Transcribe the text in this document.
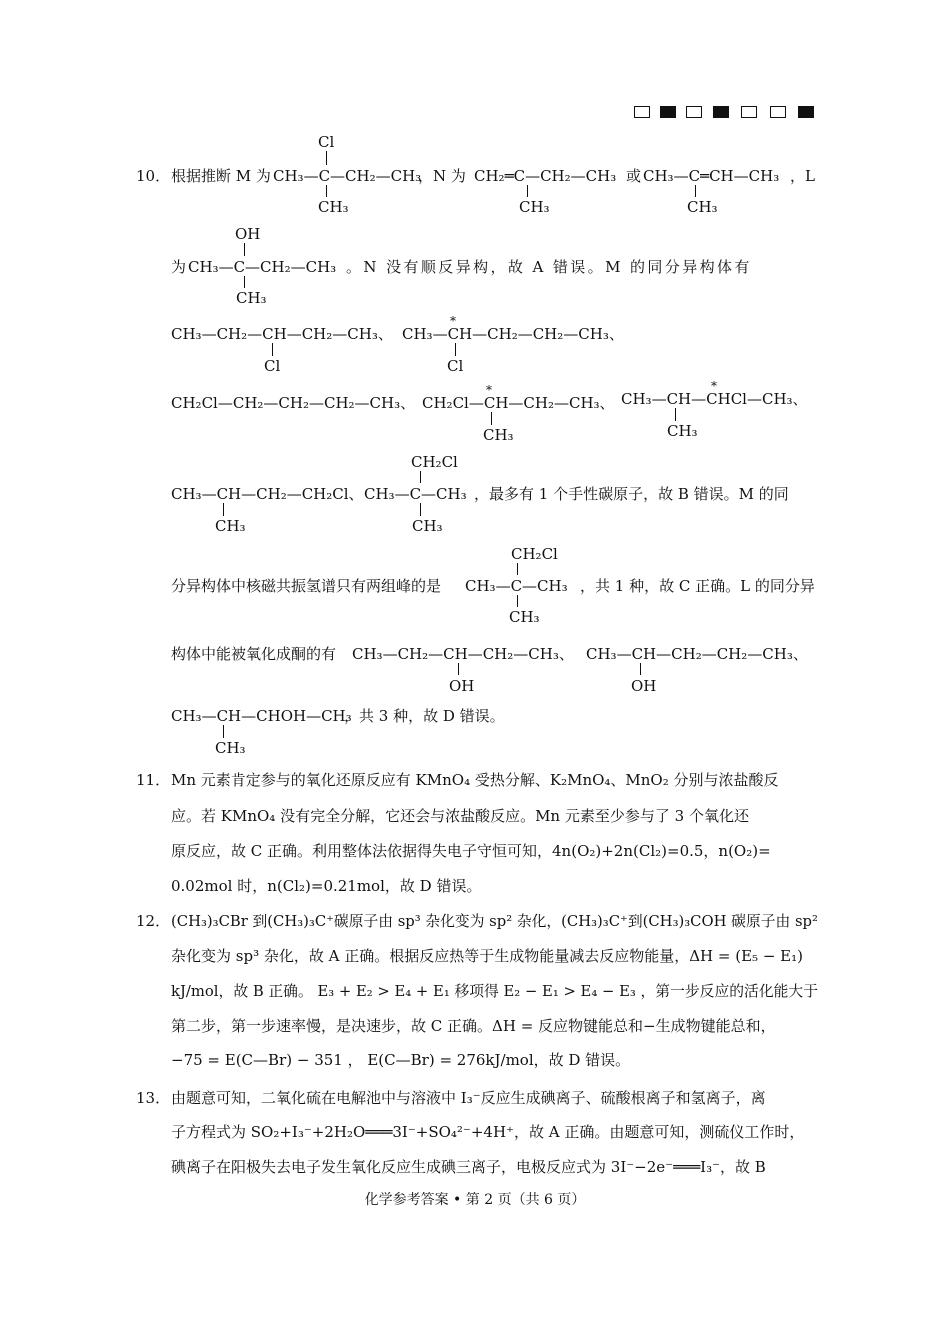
10． 根据推断 M 为
Cl
CH₃—C—CH₂—CH₃
CH₃
，N 为 CH₂═C—CH₂—CH₃
CH₃
或 CH₃—C═CH—CH₃
CH₃
，L
OH
为 CH₃—C—CH₂—CH₃
CH₃
。N 没有顺反异构，故 A 错误。M 的同分异构体有
CH₃—CH₂—CH—CH₂—CH₃、
Cl
*
CH₃—CH—CH₂—CH₂—CH₃、
Cl
CH₂Cl—CH₂—CH₂—CH₂—CH₃、
*
CH₂Cl—CH—CH₂—CH₃、
CH₃
*
CH₃—CH—CHCl—CH₃、
CH₃
CH₃—CH—CH₂—CH₂Cl、
CH₃
CH₂Cl
CH₃—C—CH₃
CH₃
，最多有 1 个手性碳原子，故 B 错误。M 的同
CH₂Cl
分异构体中核磁共振氢谱只有两组峰的是 CH₃—C—CH₃
CH₃
，共 1 种，故 C 正确。L 的同分异
构体中能被氧化成酮的有 CH₃—CH₂—CH—CH₂—CH₃、
OH
CH₃—CH—CH₂—CH₂—CH₃、
OH
CH₃—CH—CHOH—CH₃
CH₃
，共 3 种，故 D 错误。
11． Mn 元素肯定参与的氧化还原反应有 KMnO₄ 受热分解、K₂MnO₄、MnO₂ 分别与浓盐酸反
应。若 KMnO₄ 没有完全分解，它还会与浓盐酸反应。Mn 元素至少参与了 3 个氧化还
原反应，故 C 正确。利用整体法依据得失电子守恒可知，4n(O₂)+2n(Cl₂)=0.5，n(O₂)=
0.02mol 时，n(Cl₂)=0.21mol，故 D 错误。
12． (CH₃)₃CBr 到(CH₃)₃C⁺碳原子由 sp³ 杂化变为 sp² 杂化，(CH₃)₃C⁺到(CH₃)₃COH 碳原子由 sp²
杂化变为 sp³ 杂化，故 A 正确。根据反应热等于生成物能量减去反应物能量，ΔH = (E₅ − E₁)
kJ/mol，故 B 正确。 E₃ + E₂ > E₄ + E₁ 移项得 E₂ − E₁ > E₄ − E₃ ，第一步反应的活化能大于
第二步，第一步速率慢，是决速步，故 C 正确。ΔH = 反应物键能总和−生成物键能总和，
−75 = E(C—Br) − 351 ， E(C—Br) = 276kJ/mol，故 D 错误。
13． 由题意可知，二氧化硫在电解池中与溶液中 I₃⁻反应生成碘离子、硫酸根离子和氢离子，离
子方程式为 SO₂+I₃⁻+2H₂O═══3I⁻+SO₄²⁻+4H⁺，故 A 正确。由题意可知，测硫仪工作时，
碘离子在阳极失去电子发生氧化反应生成碘三离子，电极反应式为 3I⁻−2e⁻═══I₃⁻，故 B
化学参考答案 • 第 2 页（共 6 页）
